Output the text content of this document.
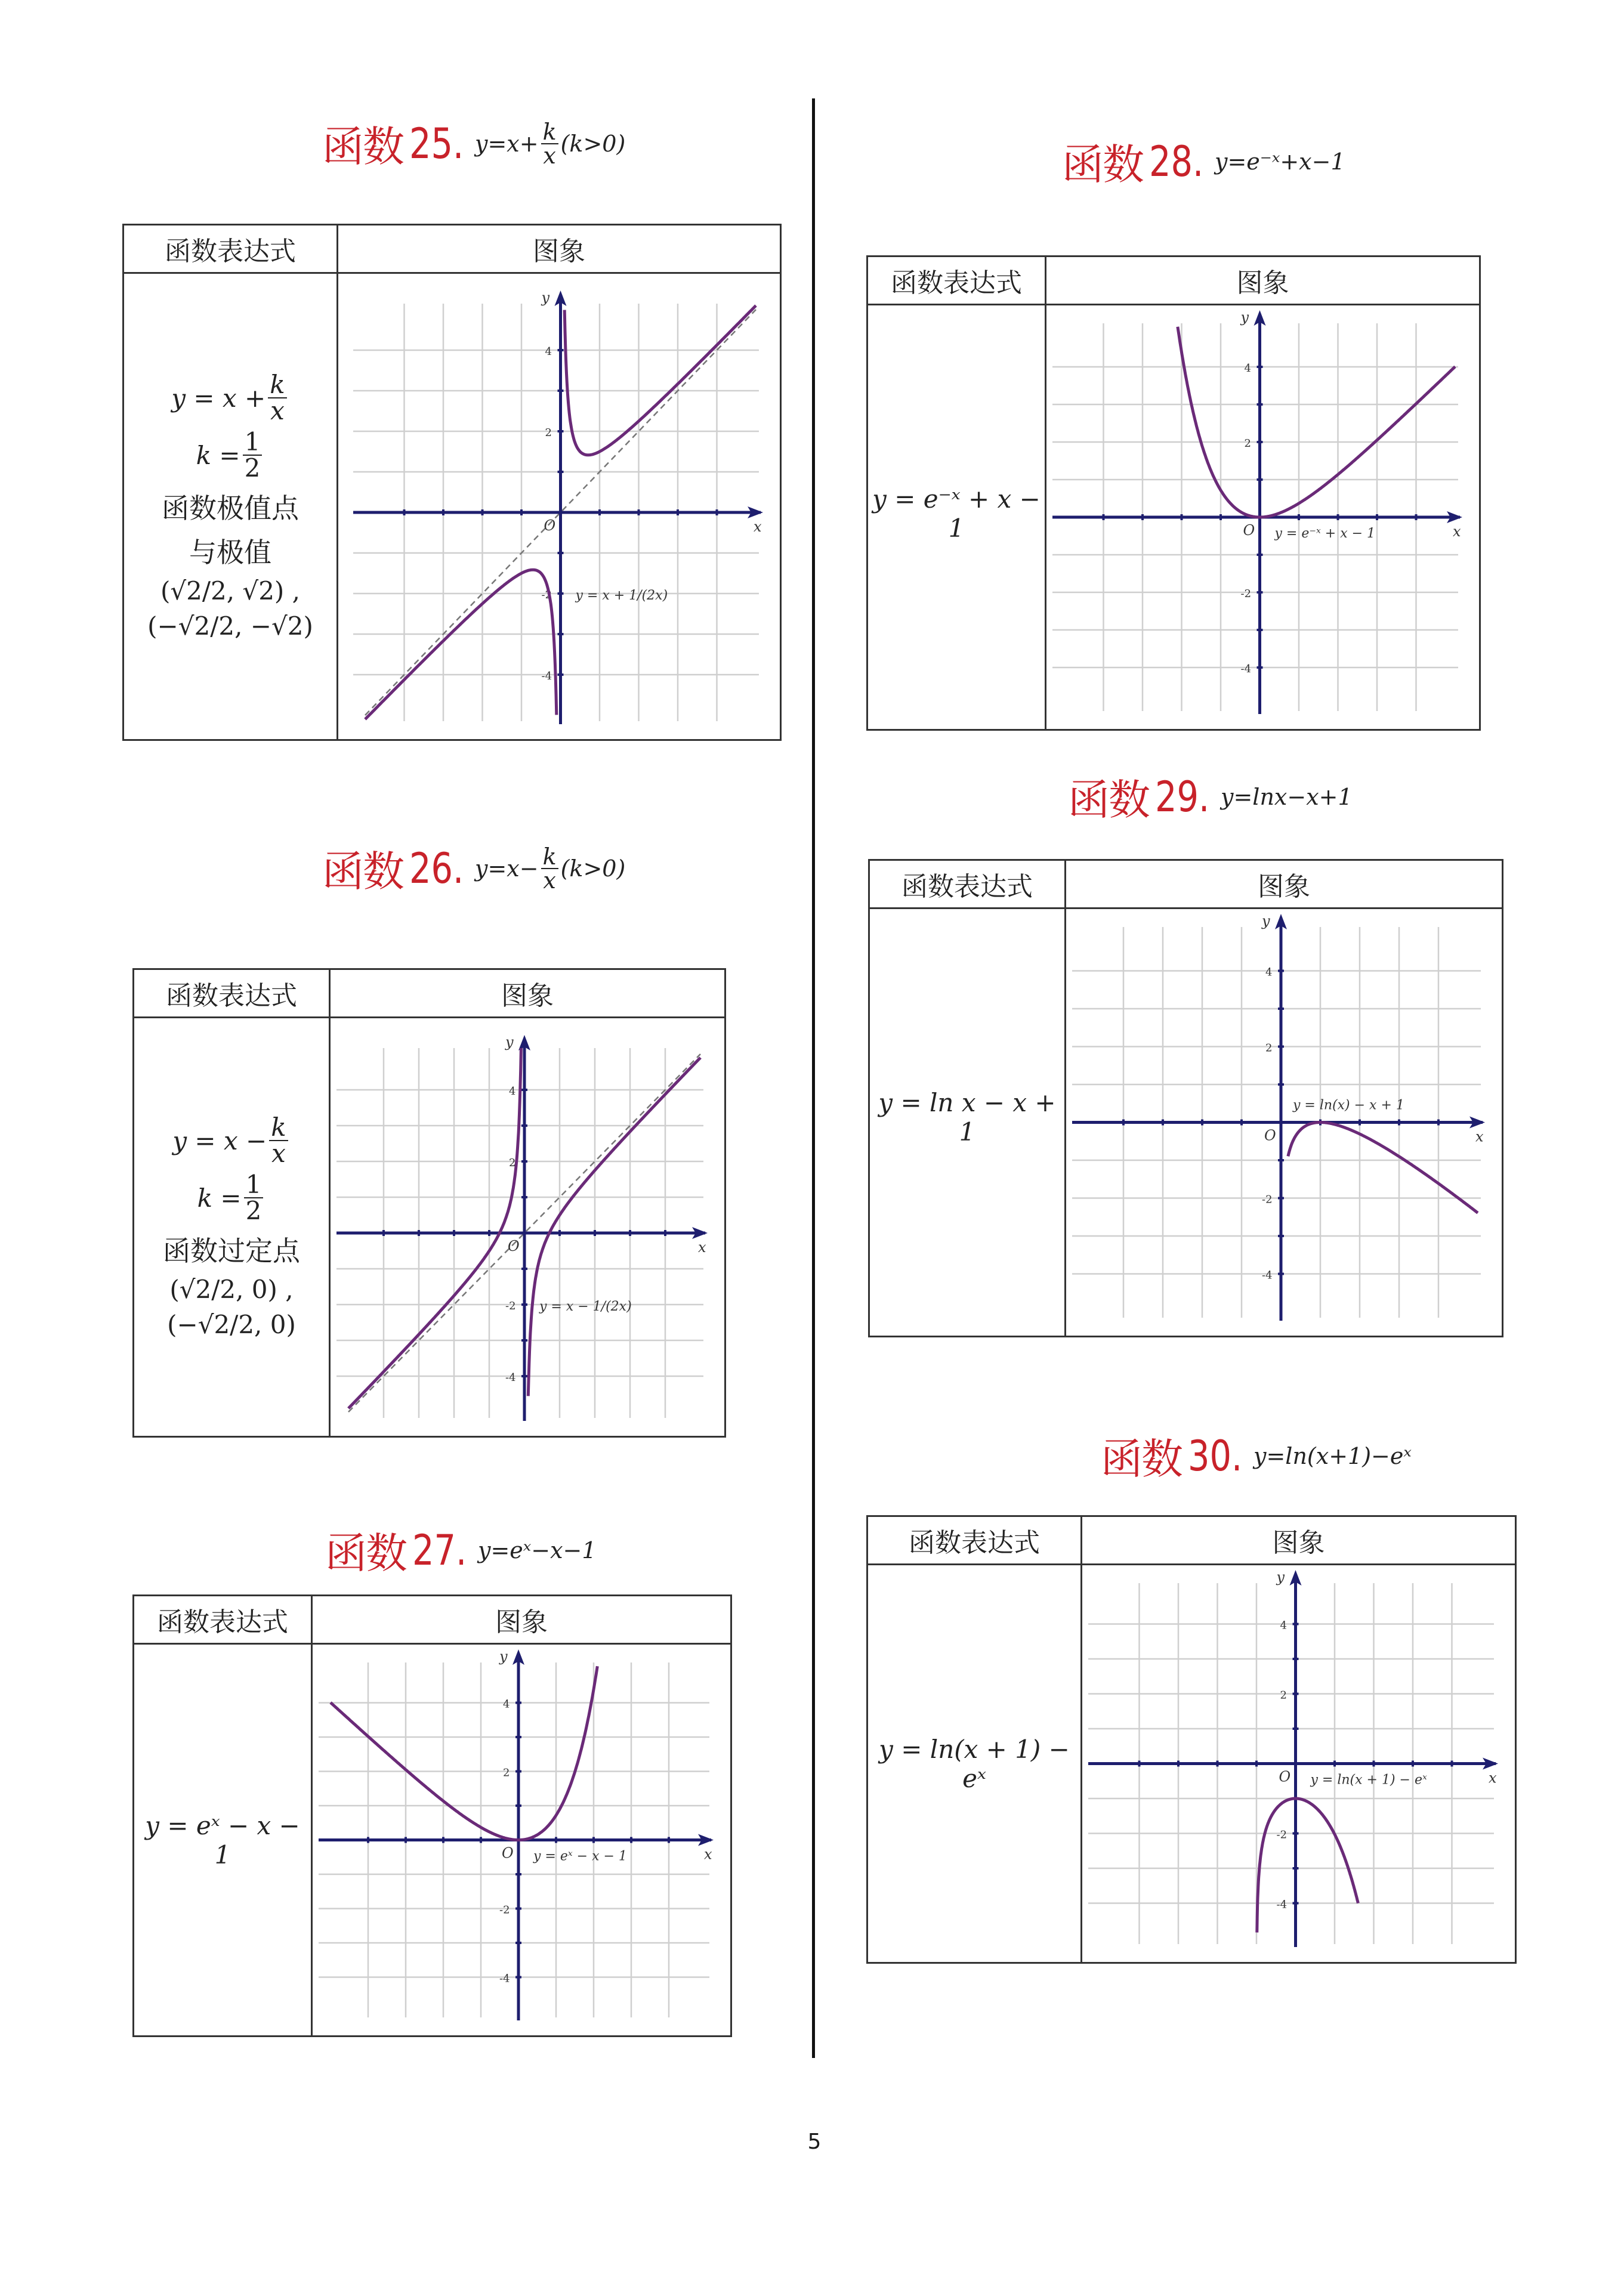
5
函数 25. $y=x+ \frac{k}{x} (k>0)$
函数表达式	图象

$y = x + \frac{k}{x}$
$k = \frac{1}{2}$
函数极值点
与极值
(√2/2, √2) ,
(−√2/2, −√2)

y
x
O
2
4
-2
-4
y = x + 1/(2x)
函数 26. $y=x- \frac{k}{x} (k>0)$
函数表达式	图象

$y = x - \frac{k}{x}$
$k = \frac{1}{2}$
函数过定点
(√2/2, 0) ,
(−√2/2, 0)

y
x
O
2
4
-2
-4
y = x − 1/(2x)
函数 27. y=eˣ−x−1
函数表达式	图象

y = eˣ − x − 1

y
x
O
2
4
-2
-4
y = eˣ − x − 1
函数 28. y=e⁻ˣ+x−1
函数表达式	图象

y = e⁻ˣ + x − 1

y
x
O
2
4
-2
-4
y = e⁻ˣ + x − 1
函数 29. y=lnx−x+1
函数表达式	图象

y = ln x − x + 1

y
x
O
2
4
-2
-4
y = ln(x) − x + 1
函数 30. y=ln(x+1)−eˣ
函数表达式	图象

y = ln(x + 1) − eˣ

y
x
O
2
4
-2
-4
y = ln(x + 1) − eˣ
